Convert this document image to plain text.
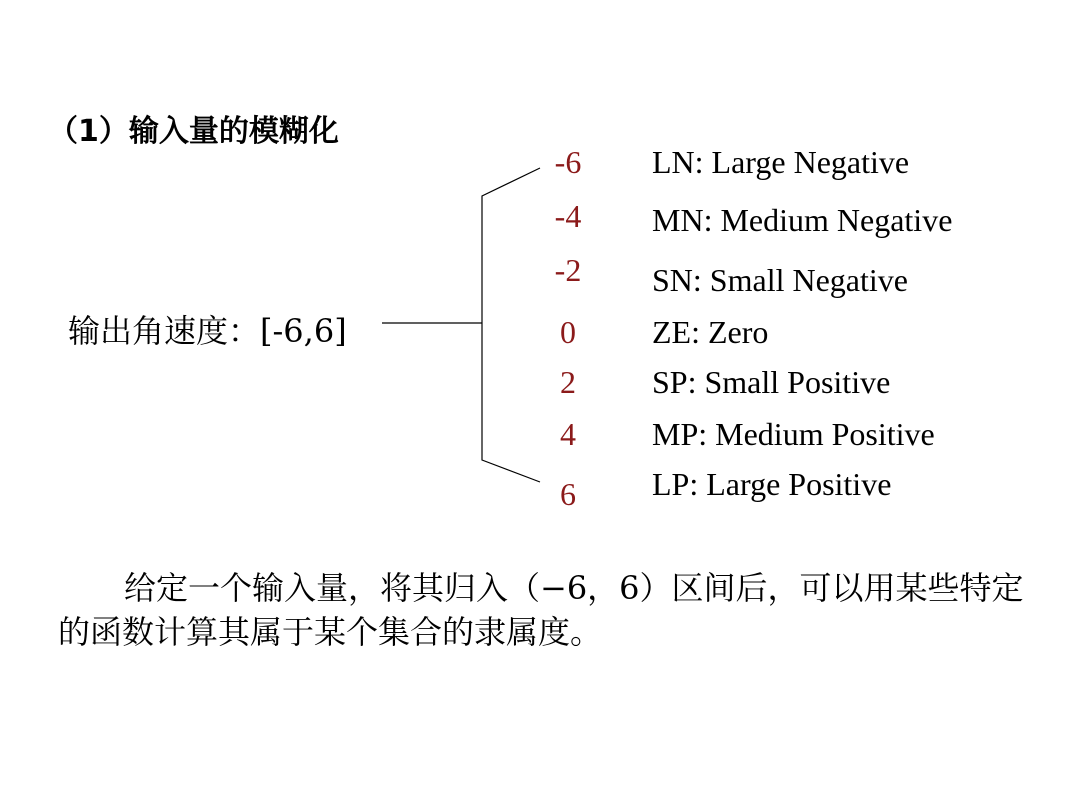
（1）输入量的模糊化
输出角速度：[-6,6]
-6	LN: Large Negative
-4	MN: Medium Negative
-2	SN: Small Negative
0	ZE: Zero
2	SP: Small Positive
4	MP: Medium Positive
6	LP: Large Positive
给定一个输入量，将其归入（−6，6）区间后，可以用某些特定的函数计算其属于某个集合的隶属度。
